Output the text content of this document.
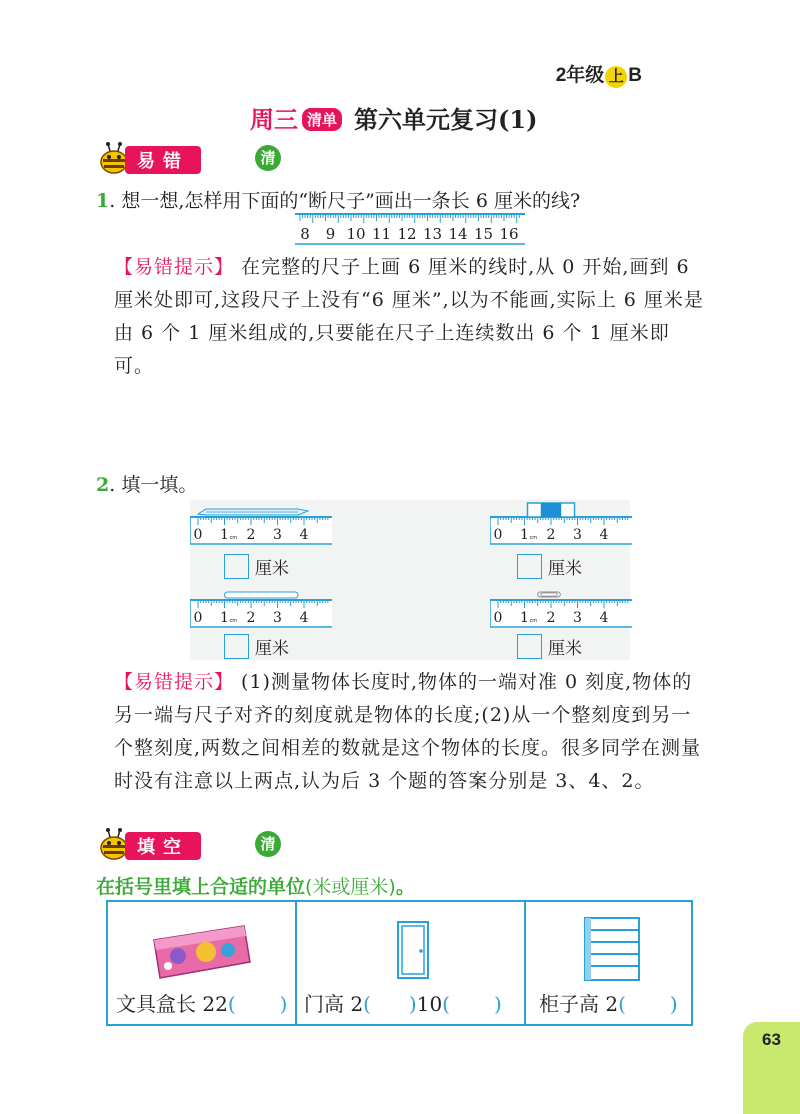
2年级 上 B
周三 清单 第六单元复习(1)
易错	清
1. 想一想,怎样用下面的“断尺子”画出一条长 6 厘米的线?
8 9 10 11 12 13 14 15 16
【易错提示】 在完整的尺子上画 6 厘米的线时,从 0 开始,画到 6 厘米处即可,这段尺子上没有“6 厘米”,以为不能画,实际上 6 厘米是由 6 个 1 厘米组成的,只要能在尺子上连续数出 6 个 1 厘米即可。
2. 填一填。
0 1 cm 2 3 4	0 1 cm 2 3 4
0 1 cm 2 3 4	0 1 cm 2 3 4
厘米	厘米
厘米	厘米
【易错提示】 (1)测量物体长度时,物体的一端对准 0 刻度,物体的另一端与尺子对齐的刻度就是物体的长度;(2)从一个整刻度到另一个整刻度,两数之间相差的数就是这个物体的长度。很多同学在测量时没有注意以上两点,认为后 3 个题的答案分别是 3、4、2。
填空	清
在括号里填上合适的单位(米或厘米)。
文具盒长 22( ) 门高 2( )10( ) 柜子高 2( )
63
